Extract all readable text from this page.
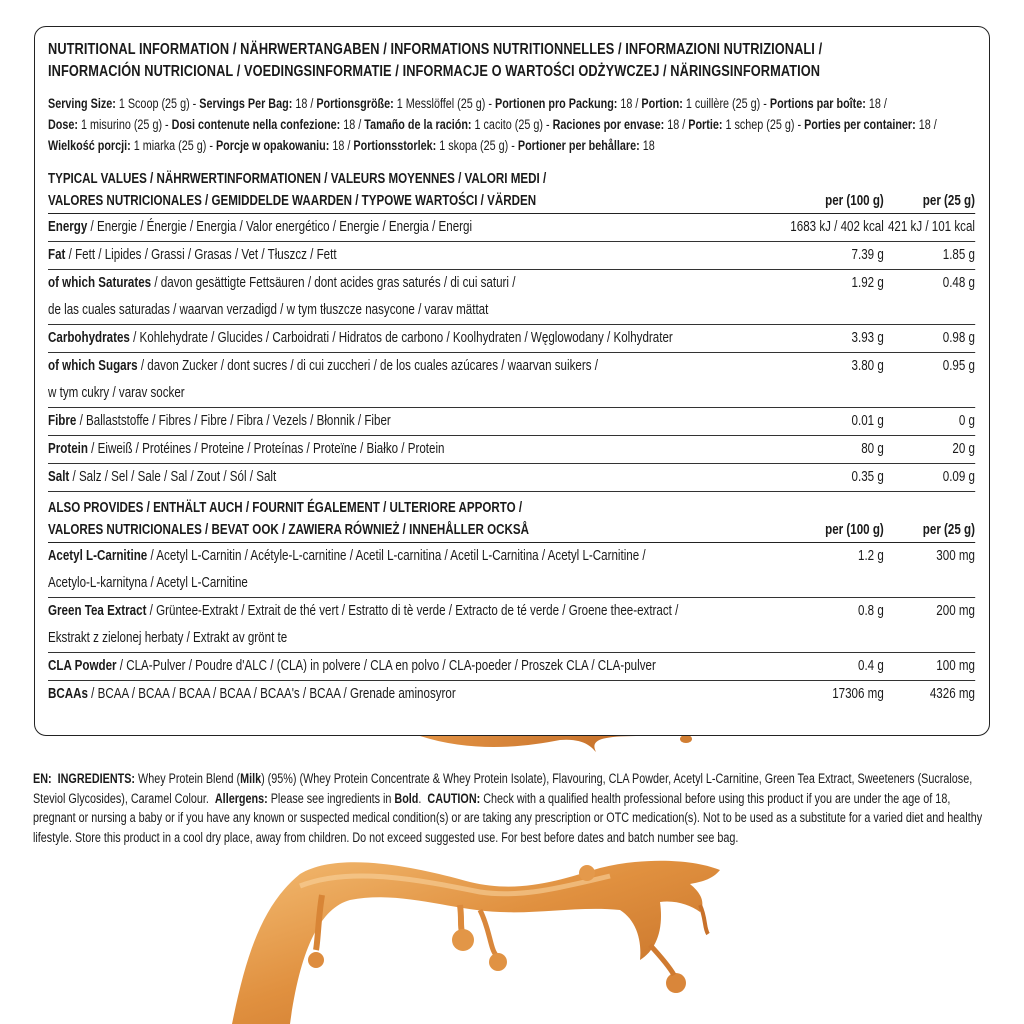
NUTRITIONAL INFORMATION / NÄHRWERTANGABEN / INFORMATIONS NUTRITIONNELLES / INFORMAZIONI NUTRIZIONALI /
INFORMACIÓN NUTRICIONAL / VOEDINGSINFORMATIE / INFORMACJE O WARTOŚCI ODŻYWCZEJ / NÄRINGSINFORMATION
Serving Size: 1 Scoop (25 g) - Servings Per Bag: 18 / Portionsgröße: 1 Messlöffel (25 g) - Portionen pro Packung: 18 / Portion: 1 cuillère (25 g) - Portions par boîte: 18 /
Dose: 1 misurino (25 g) - Dosi contenute nella confezione: 18 / Tamaño de la ración: 1 cacito (25 g) - Raciones por envase: 18 / Portie: 1 schep (25 g) - Porties per container: 18 /
Wielkość porcji: 1 miarka (25 g) - Porcje w opakowaniu: 18 / Portionsstorlek: 1 skopa (25 g) - Portioner per behållare: 18
TYPICAL VALUES / NÄHRWERTINFORMATIONEN / VALEURS MOYENNES / VALORI MEDI /
VALORES NUTRICIONALES / GEMIDDELDE WAARDEN / TYPOWE WARTOŚCI / VÄRDEN	per (100 g)	per (25 g)
Energy / Energie / Énergie / Energia / Valor energético / Energie / Energia / Energi	1683 kJ / 402 kcal 421 kJ / 101 kcal
Fat / Fett / Lipides / Grassi / Grasas / Vet / Tłuszcz / Fett	7.39 g	1.85 g
of which Saturates / davon gesättigte Fettsäuren / dont acides gras saturés / di cui saturi /
de las cuales saturadas / waarvan verzadigd / w tym tłuszcze nasycone / varav mättat
1.92 g	0.48 g
Carbohydrates / Kohlehydrate / Glucides / Carboidrati / Hidratos de carbono / Koolhydraten / Węglowodany / Kolhydrater	3.93 g	0.98 g
of which Sugars / davon Zucker / dont sucres / di cui zuccheri / de los cuales azúcares / waarvan suikers /
w tym cukry / varav socker
3.80 g	0.95 g
Fibre / Ballaststoffe / Fibres / Fibre / Fibra / Vezels / Błonnik / Fiber	0.01 g	0 g
Protein / Eiweiß / Protéines / Proteine / Proteínas / Proteïne / Białko / Protein	80 g	20 g
Salt / Salz / Sel / Sale / Sal / Zout / Sól / Salt	0.35 g	0.09 g
ALSO PROVIDES / ENTHÄLT AUCH / FOURNIT ÉGALEMENT / ULTERIORE APPORTO /
VALORES NUTRICIONALES / BEVAT OOK / ZAWIERA RÓWNIEŻ / INNEHÅLLER OCKSÅ	per (100 g)	per (25 g)
Acetyl L-Carnitine / Acetyl L-Carnitin / Acétyle-L-carnitine / Acetil L-carnitina / Acetil L-Carnitina / Acetyl L-Carnitine /
Acetylo-L-karnityna / Acetyl L-Carnitine
1.2 g	300 mg
Green Tea Extract / Grüntee-Extrakt / Extrait de thé vert / Estratto di tè verde / Extracto de té verde / Groene thee-extract /
Ekstrakt z zielonej herbaty / Extrakt av grönt te
0.8 g	200 mg
CLA Powder / CLA-Pulver / Poudre d'ALC / (CLA) in polvere / CLA en polvo / CLA-poeder / Proszek CLA / CLA-pulver	0.4 g	100 mg
BCAAs / BCAA / BCAA / BCAA / BCAA / BCAA's / BCAA / Grenade aminosyror	17306 mg	4326 mg
EN: INGREDIENTS: Whey Protein Blend (Milk) (95%) (Whey Protein Concentrate & Whey Protein Isolate), Flavouring, CLA Powder, Acetyl L-Carnitine, Green Tea Extract, Sweeteners (Sucralose, Steviol Glycosides), Caramel Colour.  Allergens: Please see ingredients in Bold.  CAUTION: Check with a qualified health professional before using this product if you are under the age of 18, pregnant or nursing a baby or if you have any known or suspected medical condition(s) or are taking any prescription or OTC medication(s). Not to be used as a substitute for a varied diet and healthy lifestyle. Store this product in a cool dry place, away from children. Do not exceed suggested use. For best before dates and batch number see bag.
